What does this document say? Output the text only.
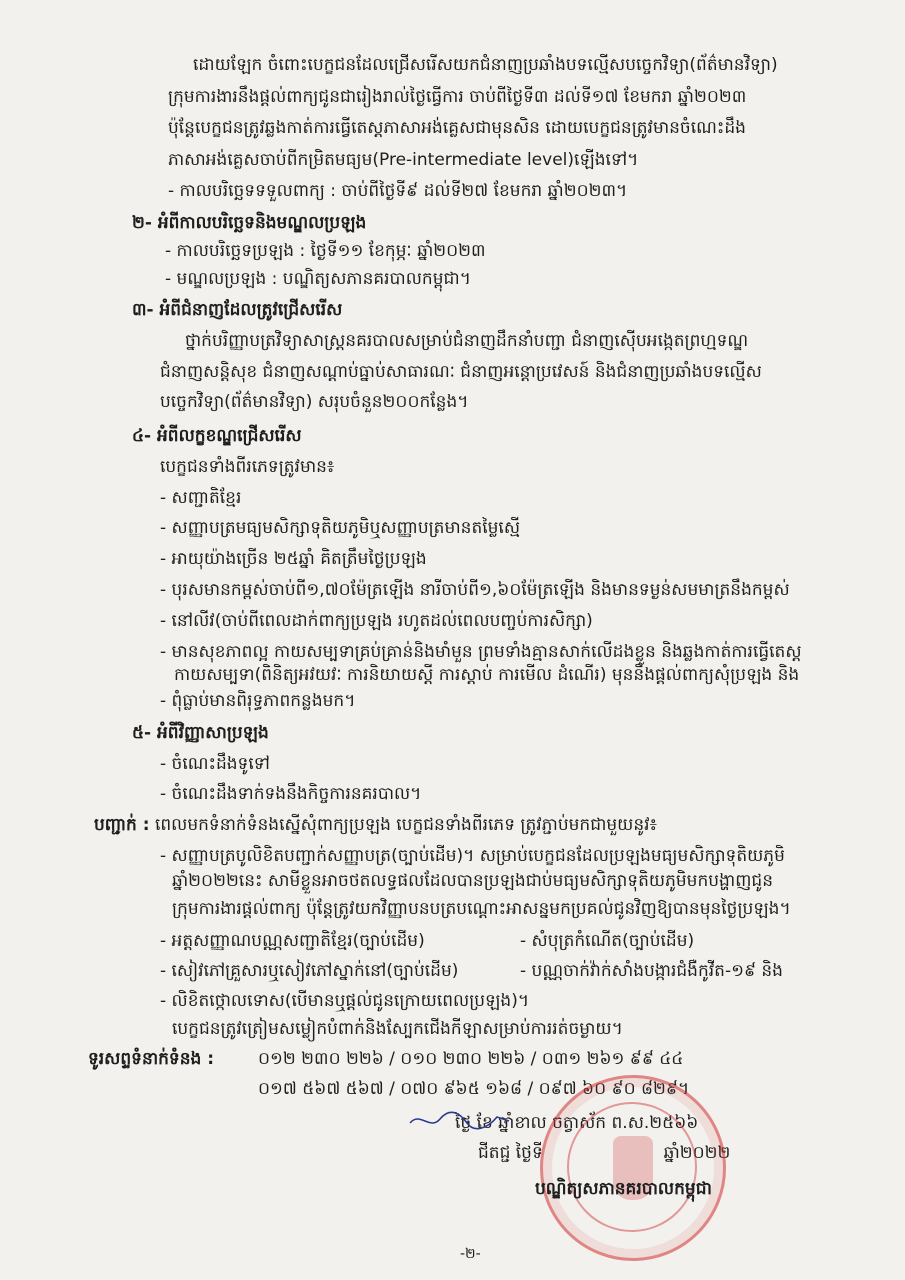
ដោយឡែក ចំពោះបេក្ខជនដែលជ្រើសរើសយកជំនាញប្រឆាំងបទល្មើសបច្ចេកវិទ្យា(ព័ត៌មានវិទ្យា)
ក្រុមការងារនឹងផ្តល់ពាក្យជូនជារៀងរាល់ថ្ងៃធ្វើការ ចាប់ពីថ្ងៃទី៣ ដល់ទី១៧ ខែមករា ឆ្នាំ២០២៣
ប៉ុន្តែបេក្ខជនត្រូវឆ្លងកាត់ការធ្វើតេស្តភាសាអង់គ្លេសជាមុនសិន ដោយបេក្ខជនត្រូវមានចំណេះដឹង
ភាសាអង់គ្លេសចាប់ពីកម្រិតមធ្យម(Pre-intermediate level)ឡើងទៅ។
- កាលបរិច្ឆេទទទួលពាក្យ : ចាប់ពីថ្ងៃទី៩ ដល់ទី២៧ ខែមករា ឆ្នាំ២០២៣។
២- អំពីកាលបរិច្ឆេទនិងមណ្ឌលប្រឡង
- កាលបរិច្ឆេទប្រឡង : ថ្ងៃទី១១ ខែកុម្ភៈ ឆ្នាំ២០២៣
- មណ្ឌលប្រឡង : បណ្ឌិត្យសភានគរបាលកម្ពុជា។
៣- អំពីជំនាញដែលត្រូវជ្រើសរើស
ថ្នាក់បរិញ្ញាបត្រវិទ្យាសាស្រ្តនគរបាលសម្រាប់ជំនាញដឹកនាំបញ្ជា ជំនាញស៊ើបអង្កេតព្រហ្មទណ្ឌ
ជំនាញសន្តិសុខ ជំនាញសណ្តាប់ធ្នាប់សាធារណៈ ជំនាញអន្តោប្រវេសន៍ និងជំនាញប្រឆាំងបទល្មើស
បច្ចេកវិទ្យា(ព័ត៌មានវិទ្យា) សរុបចំនួន២០០កន្លែង។
៤- អំពីលក្ខខណ្ឌជ្រើសរើស
បេក្ខជនទាំងពីរភេទត្រូវមាន៖
- សញ្ជាតិខ្មែរ
- សញ្ញាបត្រមធ្យមសិក្សាទុតិយភូមិឬសញ្ញាបត្រមានតម្លៃស្មើ
- អាយុយ៉ាងច្រើន ២៥ឆ្នាំ គិតត្រឹមថ្ងៃប្រឡង
- បុរសមានកម្ពស់ចាប់ពី១,៧០ម៉ែត្រឡើង នារីចាប់ពី១,៦០ម៉ែត្រឡើង និងមានទម្ងន់សមមាត្រនឹងកម្ពស់
- នៅលីវ(ចាប់ពីពេលដាក់ពាក្យប្រឡង រហូតដល់ពេលបញ្ចប់ការសិក្សា)
- មានសុខភាពល្អ កាយសម្បទាគ្រប់គ្រាន់និងមាំមួន ព្រមទាំងគ្មានសាក់លើដងខ្លួន និងឆ្លងកាត់ការធ្វើតេស្ត
កាយសម្បទា(ពិនិត្យអវយវៈ ការនិយាយស្តី ការស្តាប់ ការមើល ដំណើរ) មុននឹងផ្តល់ពាក្យសុំប្រឡង និង
- ពុំធ្លាប់មានពិរុទ្ធភាពកន្លងមក។
៥- អំពីវិញ្ញាសាប្រឡង
- ចំណេះដឹងទូទៅ
- ចំណេះដឹងទាក់ទងនឹងកិច្ចការនគរបាល។
បញ្ជាក់ : ពេលមកទំនាក់ទំនងស្នើសុំពាក្យប្រឡង បេក្ខជនទាំងពីរភេទ ត្រូវភ្ជាប់មកជាមួយនូវ៖
- សញ្ញាបត្របូលិខិតបញ្ជាក់សញ្ញាបត្រ(ច្បាប់ដើម)។ សម្រាប់បេក្ខជនដែលប្រឡងមធ្យមសិក្សាទុតិយភូមិ
ឆ្នាំ២០២២នេះ សាមីខ្លួនអាចថតលទ្ធផលដែលបានប្រឡងជាប់មធ្យមសិក្សាទុតិយភូមិមកបង្ហាញជូន
ក្រុមការងារផ្តល់ពាក្យ ប៉ុន្តែត្រូវយកវិញ្ញាបនបត្របណ្តោះអាសន្នមកប្រគល់ជូនវិញឱ្យបានមុនថ្ងៃប្រឡង។
- អត្តសញ្ញាណបណ្ណសញ្ជាតិខ្មែរ(ច្បាប់ដើម)	- សំបុត្រកំណើត(ច្បាប់ដើម)
- សៀវភៅគ្រួសារឬសៀវភៅស្នាក់នៅ(ច្បាប់ដើម)	- បណ្ណចាក់វ៉ាក់សាំងបង្ការជំងឺកូវីត-១៩ និង
- លិខិតថ្កោលទោស(បើមានឬផ្តល់ជូនក្រោយពេលប្រឡង)។
បេក្ខជនត្រូវត្រៀមសម្លៀកបំពាក់និងស្បែកជើងកីឡាសម្រាប់ការរត់ចម្ងាយ។
ទូរសព្ទទំនាក់ទំនង :	០១២ ២៣០ ២២៦ / ០១០ ២៣០ ២២៦ / ០៣១ ២៦១ ៩៩ ៤៤
០១៧ ៥៦៧ ៥៦៧ / ០៧០ ៩៦៥ ១៦៨ / ០៩៧ ៦០ ៩០ ៨២៩។
ថ្ងៃ ខែ ឆ្នាំខាល ចត្វាស័ក ព.ស.២៥៦៦
ជីតជ្ជ ថ្ងៃទី	ឆ្នាំ២០២២
បណ្ឌិត្យសភានគរបាលកម្ពុជា
-២-
